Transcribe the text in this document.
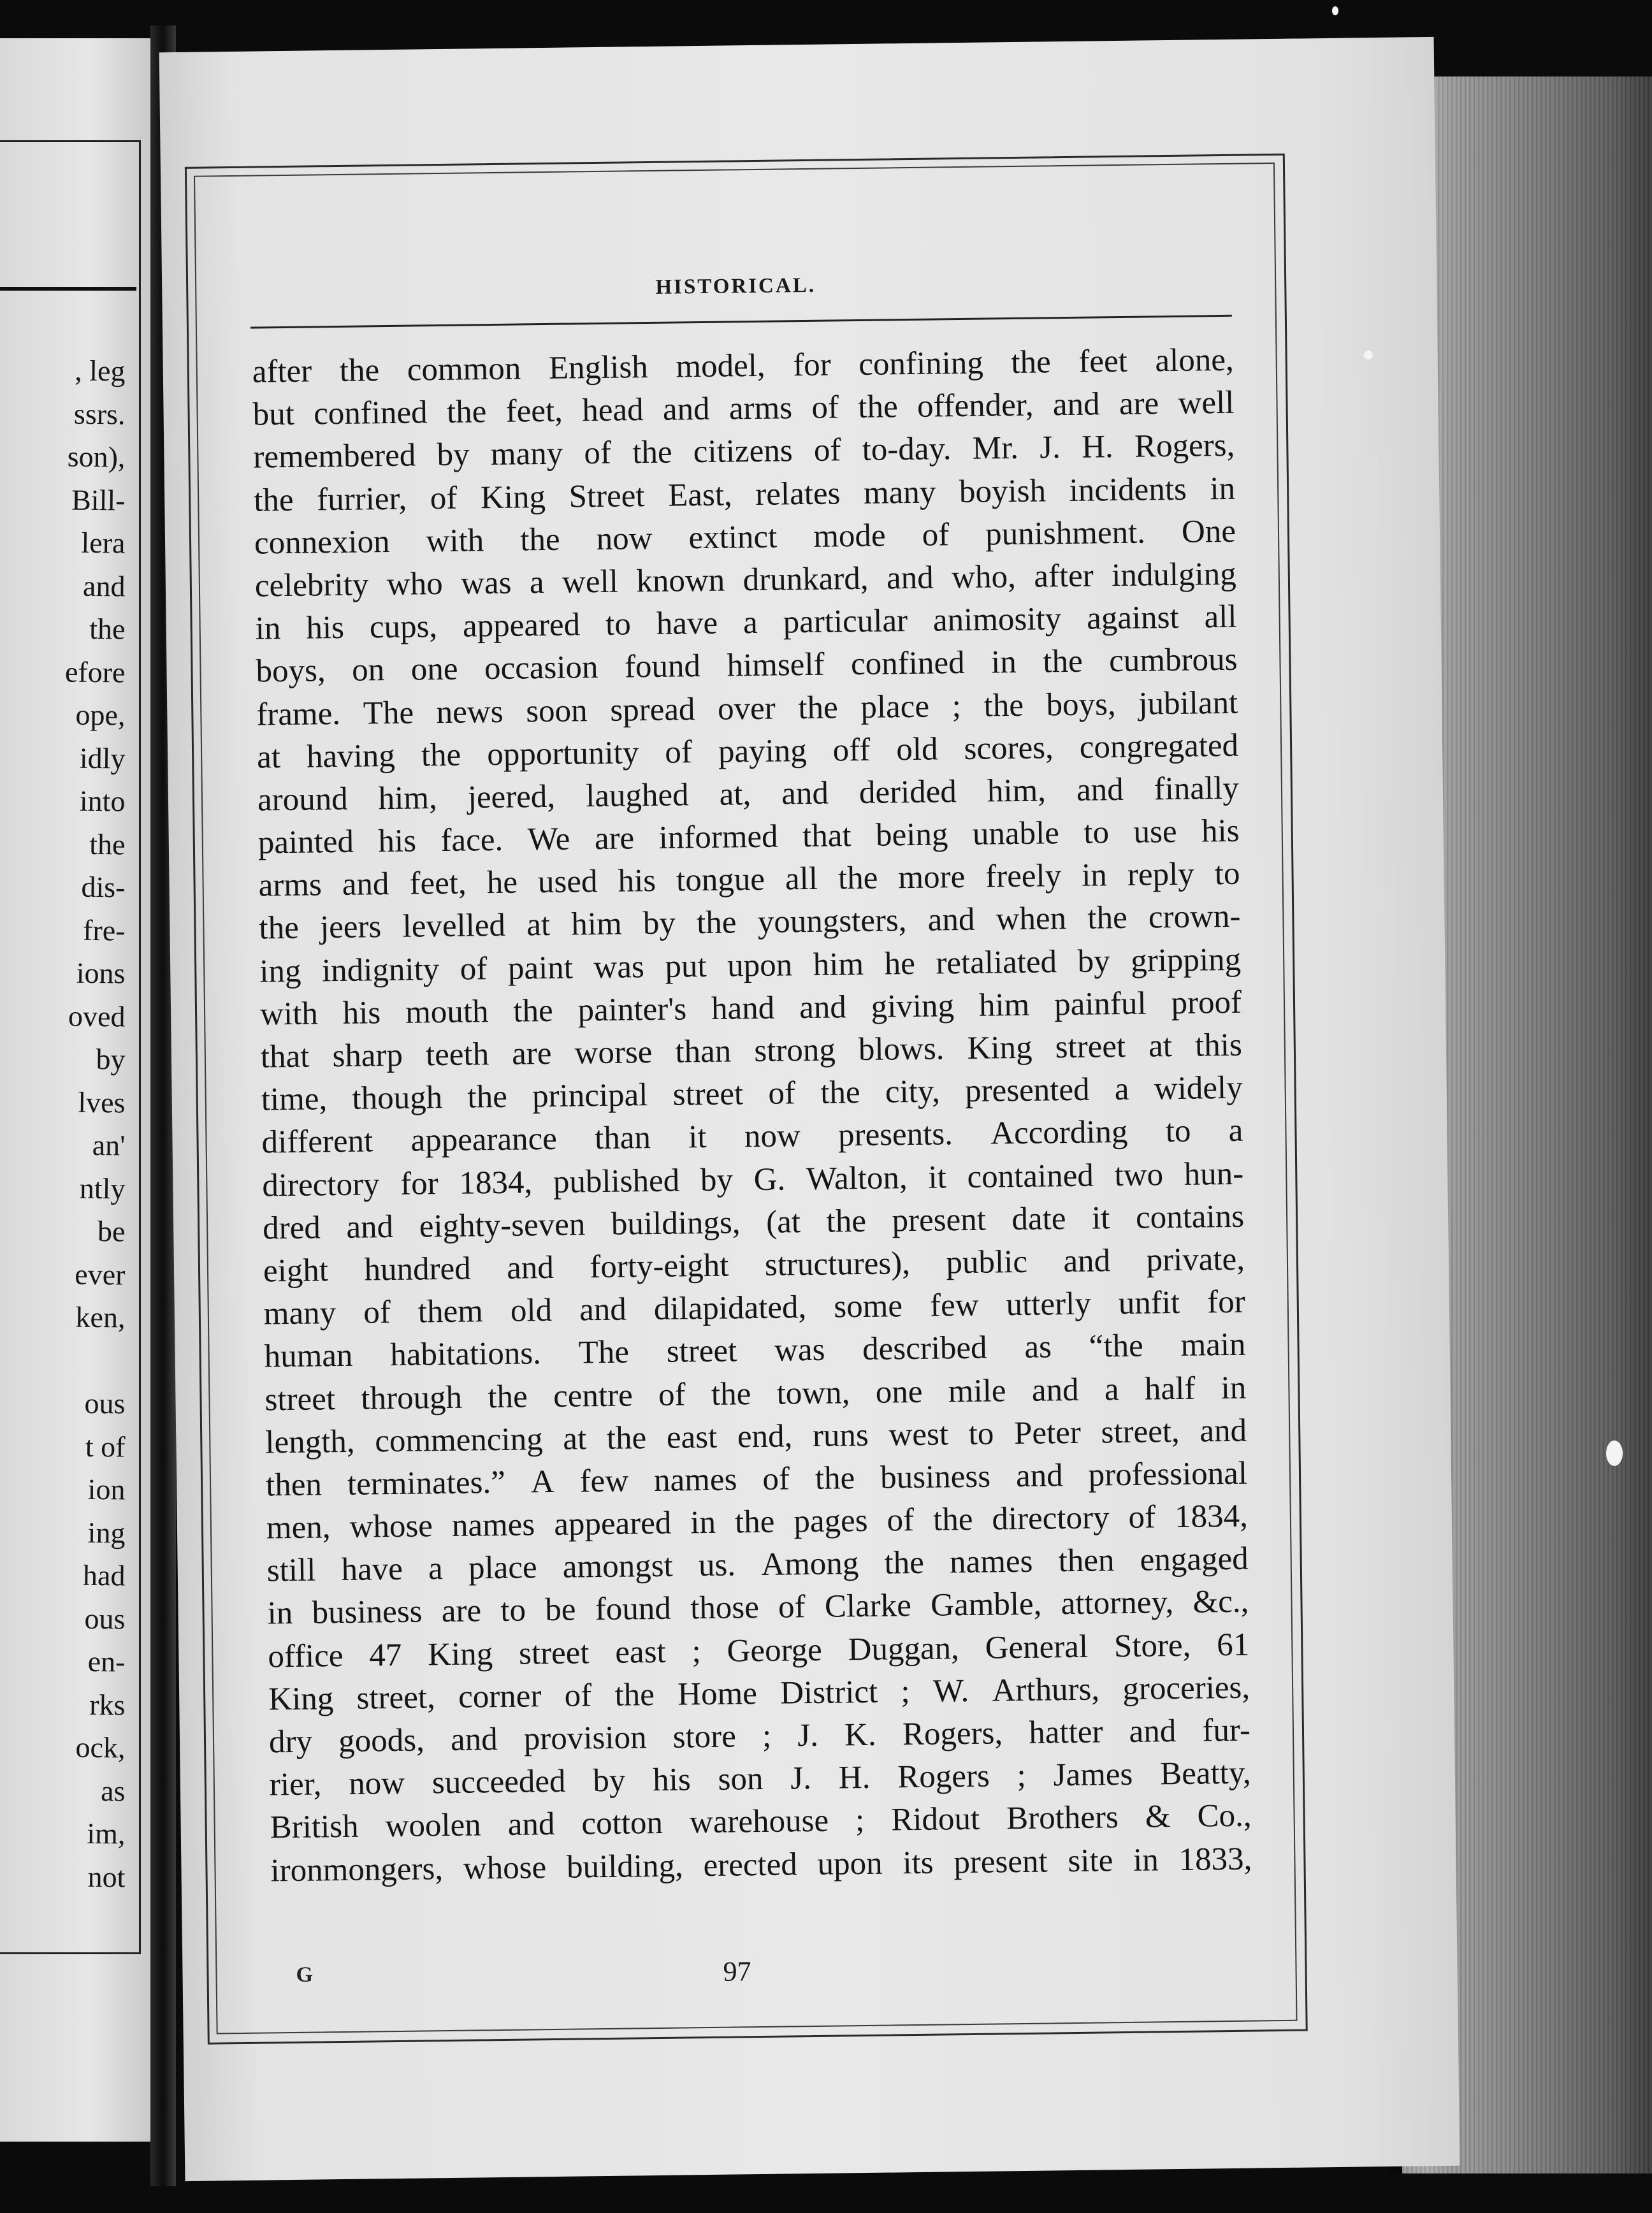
, leg
ssrs.
son),
Bill-
lera
and
the
efore
ope,
idly
into
the
dis-
fre-
ions
oved
by
lves
an'
ntly
be
ever
ken,

ous
t of
ion
ing
had
ous
en-
rks
ock,
as
im,
not
HISTORICAL.
after the common English model, for confining the feet alone,
but confined the feet, head and arms of the offender, and are well
remembered by many of the citizens of to-day. Mr. J. H. Rogers,
the furrier, of King Street East, relates many boyish incidents in
connexion with the now extinct mode of punishment. One
celebrity who was a well known drunkard, and who, after indulging
in his cups, appeared to have a particular animosity against all
boys, on one occasion found himself confined in the cumbrous
frame. The news soon spread over the place ; the boys, jubilant
at having the opportunity of paying off old scores, congregated
around him, jeered, laughed at, and derided him, and finally
painted his face. We are informed that being unable to use his
arms and feet, he used his tongue all the more freely in reply to
the jeers levelled at him by the youngsters, and when the crown-
ing indignity of paint was put upon him he retaliated by gripping
with his mouth the painter's hand and giving him painful proof
that sharp teeth are worse than strong blows. King street at this
time, though the principal street of the city, presented a widely
different appearance than it now presents. According to a
directory for 1834, published by G. Walton, it contained two hun-
dred and eighty-seven buildings, (at the present date it contains
eight hundred and forty-eight structures), public and private,
many of them old and dilapidated, some few utterly unfit for
human habitations. The street was described as “the main
street through the centre of the town, one mile and a half in
length, commencing at the east end, runs west to Peter street, and
then terminates.” A few names of the business and professional
men, whose names appeared in the pages of the directory of 1834,
still have a place amongst us. Among the names then engaged
in business are to be found those of Clarke Gamble, attorney, &c.,
office 47 King street east ; George Duggan, General Store, 61
King street, corner of the Home District ; W. Arthurs, groceries,
dry goods, and provision store ; J. K. Rogers, hatter and fur-
rier, now succeeded by his son J. H. Rogers ; James Beatty,
British woolen and cotton warehouse ; Ridout Brothers & Co.,
ironmongers, whose building, erected upon its present site in 1833,
G	97
